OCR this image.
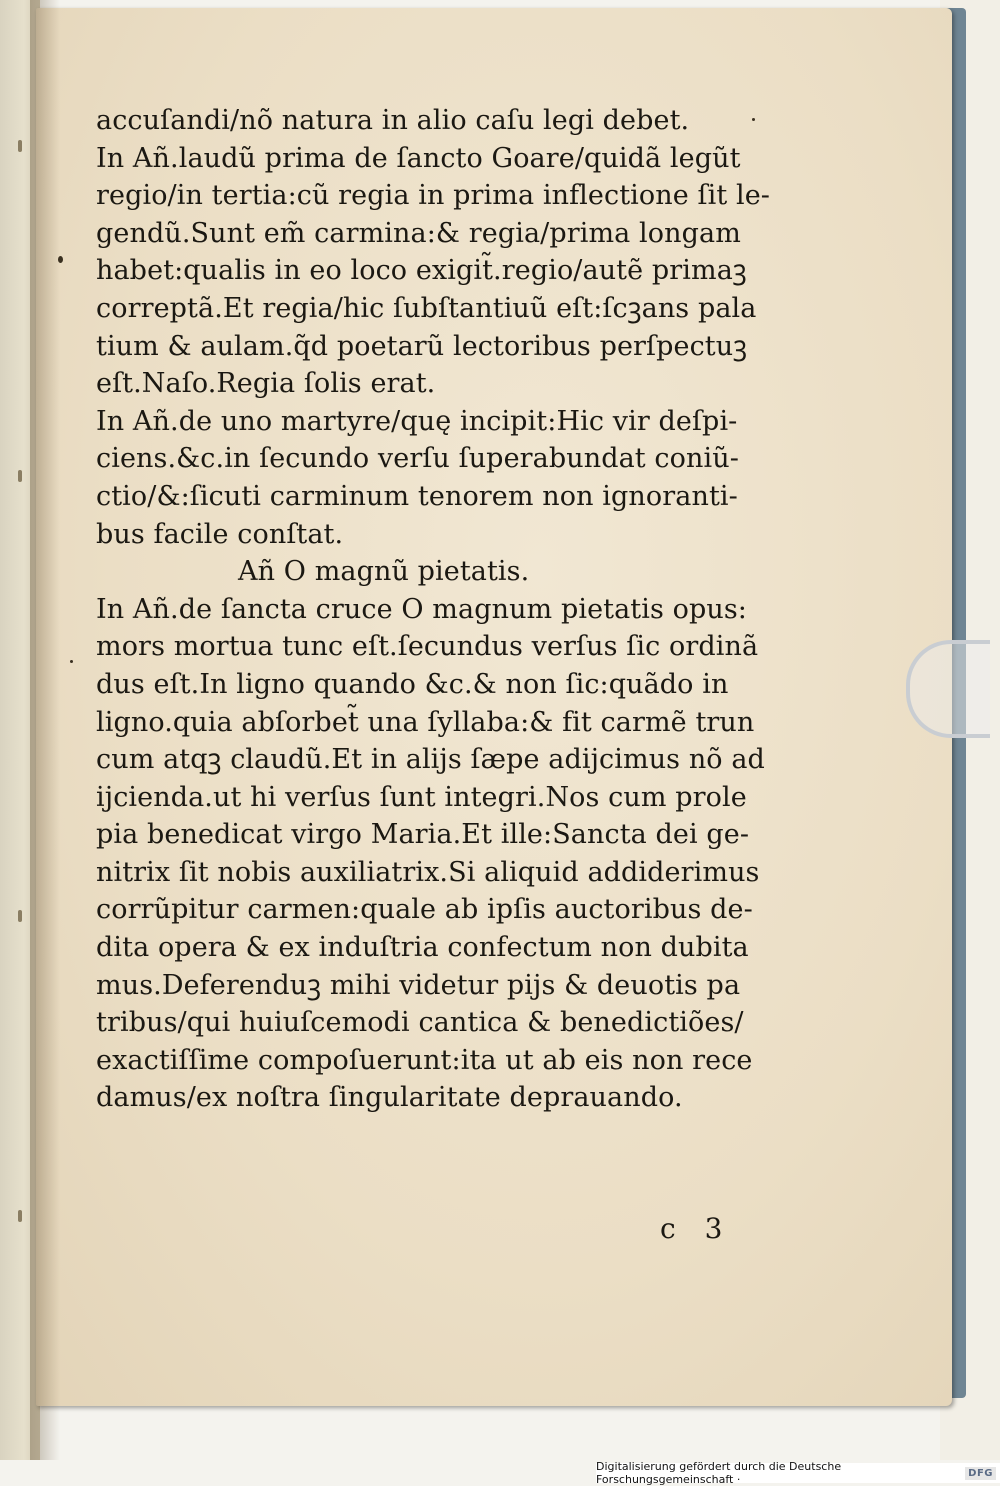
accuſandi/nõ natura in alio caſu legi debet.
In Añ.laudũ prima de ſancto Goare/quidã legũt
regio/in tertia:cũ regia in prima inflectione ſit le-
gendũ.Sunt em̃ carmina:& regia/prima longam
habet:qualis in eo loco exigit̃.regio/autẽ primaꝫ
correptã.Et regia/hic ſubſtantiuũ eſt:ſcꝫans pala
tium & aulam.q̃d poetarũ lectoribus perſpectuꝫ
eſt.Naſo.Regia ſolis erat.
In Añ.de uno martyre/quę incipit:Hic vir deſpi-
ciens.&c.in ſecundo verſu ſuperabundat coniũ-
ctio/&:ſicuti carminum tenorem non ignoranti-
bus facile conſtat.
Añ O magnũ pietatis.
In Añ.de ſancta cruce O magnum pietatis opus:
mors mortua tunc eſt.ſecundus verſus ſic ordinã
dus eſt.In ligno quando &c.& non ſic:quãdo in
ligno.quia abſorbet̃ una ſyllaba:& fit carmẽ trun
cum atqꝫ claudũ.Et in alijs ſæpe adijcimus nõ ad
ijcienda.ut hi verſus ſunt integri.Nos cum prole
pia benedicat virgo Maria.Et ille:Sancta dei ge-
nitrix ſit nobis auxiliatrix.Si aliquid addiderimus
corrũpitur carmen:quale ab ipſis auctoribus de-
dita opera & ex induſtria confectum non dubita
mus.Deferenduꝫ mihi videtur pijs & deuotis pa
tribus/qui huiuſcemodi cantica & benedictiões/
exactiſſime compoſuerunt:ita ut ab eis non rece
damus/ex noſtra ſingularitate deprauando.
c 3
Digitalisierung gefördert durch die Deutsche Forschungsgemeinschaft ·	DFG
